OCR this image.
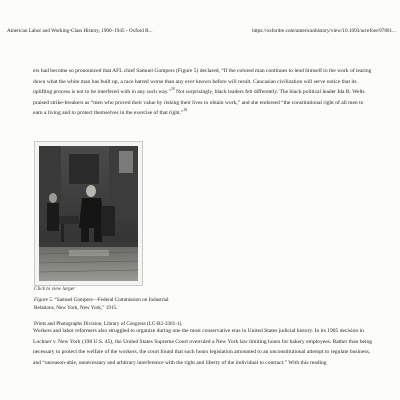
American Labor and Working-Class History, 1900–1945 - Oxford R...	https://oxfordre.com/americanhistory/view/10.1093/acrefore/97801...

ers had become so pronounced that AFL chief Samuel Gompers (Figure 5) declared, “If the colored man continues to lend himself to the work of tearing down what the white man has built up, a race hatred worse than any ever known before will result. Caucasian civilization will serve notice that its uplifting process is not to be interfered with in any such way.”$^{18}$ Not surprisingly, black leaders felt differently. The black political leader Ida B. Wells praised strike-breakers as “men who proved their value by risking their lives to obtain work,” and she endorsed “the constitutional right of all men to earn a living and to protect themselves in the exercise of that right.”$^{19}$

Click to view larger

Figure 5. “Samuel Gompers—Federal Commission on Industrial Relations, New York, New York,” 1915.

Prints and Photographs Division, Library of Congress (LC-B2-3361-1).

Workers and labor reformers also struggled to organize during one the most conservative eras in United States judicial history. In its 1905 decision in Lochner v. New York (198 U.S. 45), the United States Supreme Court overruled a New York law limiting hours for bakery employees. Rather than being necessary to protect the welfare of the workers, the court found that such hours legislation amounted to an unconstitutional attempt to regulate business, and “unreason-able, unnecessary and arbitrary interference with the right and liberty of the individual to contract.” With this reading
